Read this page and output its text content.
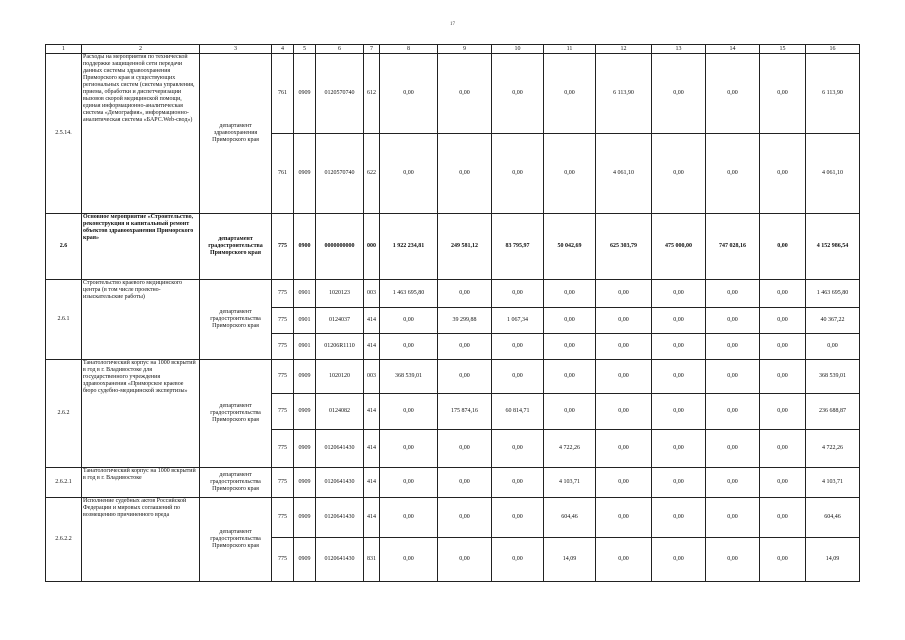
17
1	2	3	4	5	6	7	8	9	10	11	12	13	14	15	16
2.5.14.	Расходы на мероприятия по технической поддержке защищенной сети передачи данных системы здравоохранения Приморского края и существующих региональных систем (система управления, приема, обработки и диспетчеризации вызовов скорой медицинской помощи, единая информационно-аналитическая система «Демография», информационно-аналитическая система «БАРС.Web-свод»)	департамент здравоохранения Приморского края	761	0909	0120570740	612	0,00	0,00	0,00	0,00	6 113,90	0,00	0,00	0,00	6 113,90
			761	0909	0120570740	622	0,00	0,00	0,00	0,00	4 061,10	0,00	0,00	0,00	4 061,10
2.6	Основное мероприятие «Строительство, реконструкция и капитальный ремонт объектов здравоохранения Приморского края»	департамент градостроительства Приморского края	775	0900	0000000000	000	1 922 234,81	249 581,12	83 795,97	50 042,69	625 303,79	475 000,00	747 028,16	0,00	4 152 986,54
2.6.1	Строительство краевого медицинского центра (в том числе проектно-изыскательские работы)	департамент градостроительства Приморского края	775	0901	1020123	003	1 463 695,80	0,00	0,00	0,00	0,00	0,00	0,00	0,00	1 463 695,80
			775	0901	0124037	414	0,00	39 299,88	1 067,34	0,00	0,00	0,00	0,00	0,00	40 367,22
			775	0901	01206R1110	414	0,00	0,00	0,00	0,00	0,00	0,00	0,00	0,00	0,00
2.6.2	Танатологический корпус на 1000 вскрытий в год в г. Владивостоке для государственного учреждения здравоохранения «Приморское краевое бюро судебно-медицинской экспертизы»	департамент градостроительства Приморского края	775	0909	1020120	003	368 539,01	0,00	0,00	0,00	0,00	0,00	0,00	0,00	368 539,01
			775	0909	0124082	414	0,00	175 874,16	60 814,71	0,00	0,00	0,00	0,00	0,00	236 688,87
			775	0909	0120641430	414	0,00	0,00	0,00	4 722,26	0,00	0,00	0,00	0,00	4 722,26
2.6.2.1	Танатологический корпус на 1000 вскрытий в год в г. Владивостоке	департамент градостроительства Приморского края	775	0909	0120641430	414	0,00	0,00	0,00	4 103,71	0,00	0,00	0,00	0,00	4 103,71
2.6.2.2	Исполнение судебных актов Российской Федерации и мировых соглашений по возмещению причиненного вреда	департамент градостроительства Приморского края	775	0909	0120641430	414	0,00	0,00	0,00	604,46	0,00	0,00	0,00	0,00	604,46
			775	0909	0120641430	831	0,00	0,00	0,00	14,09	0,00	0,00	0,00	0,00	14,09
